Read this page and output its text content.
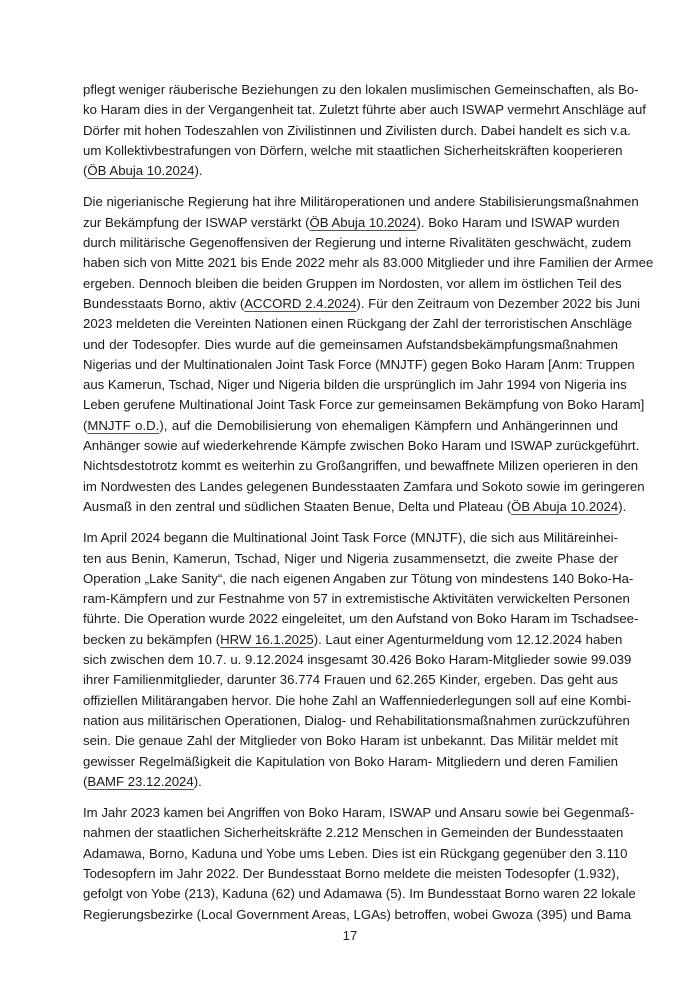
pflegt weniger räuberische Beziehungen zu den lokalen muslimischen Gemeinschaften, als Bo-
ko Haram dies in der Vergangenheit tat. Zuletzt führte aber auch ISWAP vermehrt Anschläge auf
Dörfer mit hohen Todeszahlen von Zivilistinnen und Zivilisten durch. Dabei handelt es sich v.a.
um Kollektivbestrafungen von Dörfern, welche mit staatlichen Sicherheitskräften kooperieren
(ÖB Abuja 10.2024).
Die nigerianische Regierung hat ihre Militäroperationen und andere Stabilisierungsmaßnahmen
zur Bekämpfung der ISWAP verstärkt (ÖB Abuja 10.2024). Boko Haram und ISWAP wurden
durch militärische Gegenoffensiven der Regierung und interne Rivalitäten geschwächt, zudem
haben sich von Mitte 2021 bis Ende 2022 mehr als 83.000 Mitglieder und ihre Familien der Armee
ergeben. Dennoch bleiben die beiden Gruppen im Nordosten, vor allem im östlichen Teil des
Bundesstaats Borno, aktiv (ACCORD 2.4.2024). Für den Zeitraum von Dezember 2022 bis Juni
2023 meldeten die Vereinten Nationen einen Rückgang der Zahl der terroristischen Anschläge
und der Todesopfer. Dies wurde auf die gemeinsamen Aufstandsbekämpfungsmaßnahmen
Nigerias und der Multinationalen Joint Task Force (MNJTF) gegen Boko Haram [Anm: Truppen
aus Kamerun, Tschad, Niger und Nigeria bilden die ursprünglich im Jahr 1994 von Nigeria ins
Leben gerufene Multinational Joint Task Force zur gemeinsamen Bekämpfung von Boko Haram]
(MNJTF o.D.), auf die Demobilisierung von ehemaligen Kämpfern und Anhängerinnen und
Anhänger sowie auf wiederkehrende Kämpfe zwischen Boko Haram und ISWAP zurückgeführt.
Nichtsdestotrotz kommt es weiterhin zu Großangriffen, und bewaffnete Milizen operieren in den
im Nordwesten des Landes gelegenen Bundesstaaten Zamfara und Sokoto sowie im geringeren
Ausmaß in den zentral und südlichen Staaten Benue, Delta und Plateau (ÖB Abuja 10.2024).
Im April 2024 begann die Multinational Joint Task Force (MNJTF), die sich aus Militäreinhei-
ten aus Benin, Kamerun, Tschad, Niger und Nigeria zusammensetzt, die zweite Phase der
Operation „Lake Sanity“, die nach eigenen Angaben zur Tötung von mindestens 140 Boko-Ha-
ram-Kämpfern und zur Festnahme von 57 in extremistische Aktivitäten verwickelten Personen
führte. Die Operation wurde 2022 eingeleitet, um den Aufstand von Boko Haram im Tschadsee-
becken zu bekämpfen (HRW 16.1.2025). Laut einer Agenturmeldung vom 12.12.2024 haben
sich zwischen dem 10.7. u. 9.12.2024 insgesamt 30.426 Boko Haram-Mitglieder sowie 99.039
ihrer Familienmitglieder, darunter 36.774 Frauen und 62.265 Kinder, ergeben. Das geht aus
offiziellen Militärangaben hervor. Die hohe Zahl an Waffenniederlegungen soll auf eine Kombi-
nation aus militärischen Operationen, Dialog- und Rehabilitationsmaßnahmen zurückzuführen
sein. Die genaue Zahl der Mitglieder von Boko Haram ist unbekannt. Das Militär meldet mit
gewisser Regelmäßigkeit die Kapitulation von Boko Haram- Mitgliedern und deren Familien
(BAMF 23.12.2024).
Im Jahr 2023 kamen bei Angriffen von Boko Haram, ISWAP und Ansaru sowie bei Gegenmaß-
nahmen der staatlichen Sicherheitskräfte 2.212 Menschen in Gemeinden der Bundesstaaten
Adamawa, Borno, Kaduna und Yobe ums Leben. Dies ist ein Rückgang gegenüber den 3.110
Todesopfern im Jahr 2022. Der Bundesstaat Borno meldete die meisten Todesopfer (1.932),
gefolgt von Yobe (213), Kaduna (62) und Adamawa (5). Im Bundesstaat Borno waren 22 lokale
Regierungsbezirke (Local Government Areas, LGAs) betroffen, wobei Gwoza (395) und Bama
17
